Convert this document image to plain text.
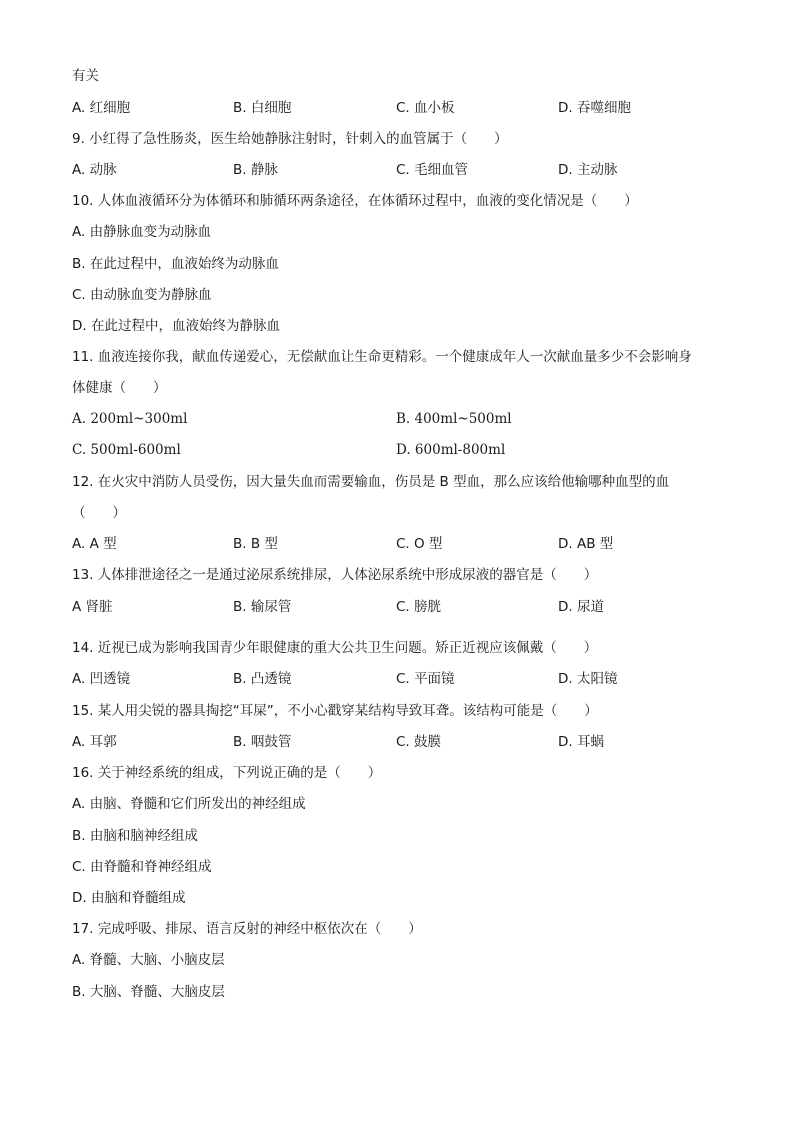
有关
A. 红细胞	B. 白细胞	C. 血小板	D. 吞噬细胞
9. 小红得了急性肠炎，医生给她静脉注射时，针刺入的血管属于（　　）
A. 动脉	B. 静脉	C. 毛细血管	D. 主动脉
10. 人体血液循环分为体循环和肺循环两条途径，在体循环过程中，血液的变化情况是（　　）
A. 由静脉血变为动脉血
B. 在此过程中，血液始终为动脉血
C. 由动脉血变为静脉血
D. 在此过程中，血液始终为静脉血
11. 血液连接你我，献血传递爱心，无偿献血让生命更精彩。一个健康成年人一次献血量多少不会影响身
体健康（　　）
A. 200ml~300ml	B. 400ml~500ml
C. 500ml-600ml	D. 600ml-800ml
12. 在火灾中消防人员受伤，因大量失血而需要输血，伤员是 B 型血，那么应该给他输哪种血型的血
（　　）
A. A 型	B. B 型	C. O 型	D. AB 型
13. 人体排泄途径之一是通过泌尿系统排尿，人体泌尿系统中形成尿液的器官是（　　）
A 肾脏	B. 输尿管	C. 膀胱	D. 尿道
14. 近视已成为影响我国青少年眼健康的重大公共卫生问题。矫正近视应该佩戴（　　）
A. 凹透镜	B. 凸透镜	C. 平面镜	D. 太阳镜
15. 某人用尖锐的器具掏挖“耳屎”，不小心戳穿某结构导致耳聋。该结构可能是（　　）
A. 耳郭	B. 咽鼓管	C. 鼓膜	D. 耳蜗
16. 关于神经系统的组成，下列说正确的是（　　）
A. 由脑、脊髓和它们所发出的神经组成
B. 由脑和脑神经组成
C. 由脊髓和脊神经组成
D. 由脑和脊髓组成
17. 完成呼吸、排尿、语言反射的神经中枢依次在（　　）
A. 脊髓、大脑、小脑皮层
B. 大脑、脊髓、大脑皮层
